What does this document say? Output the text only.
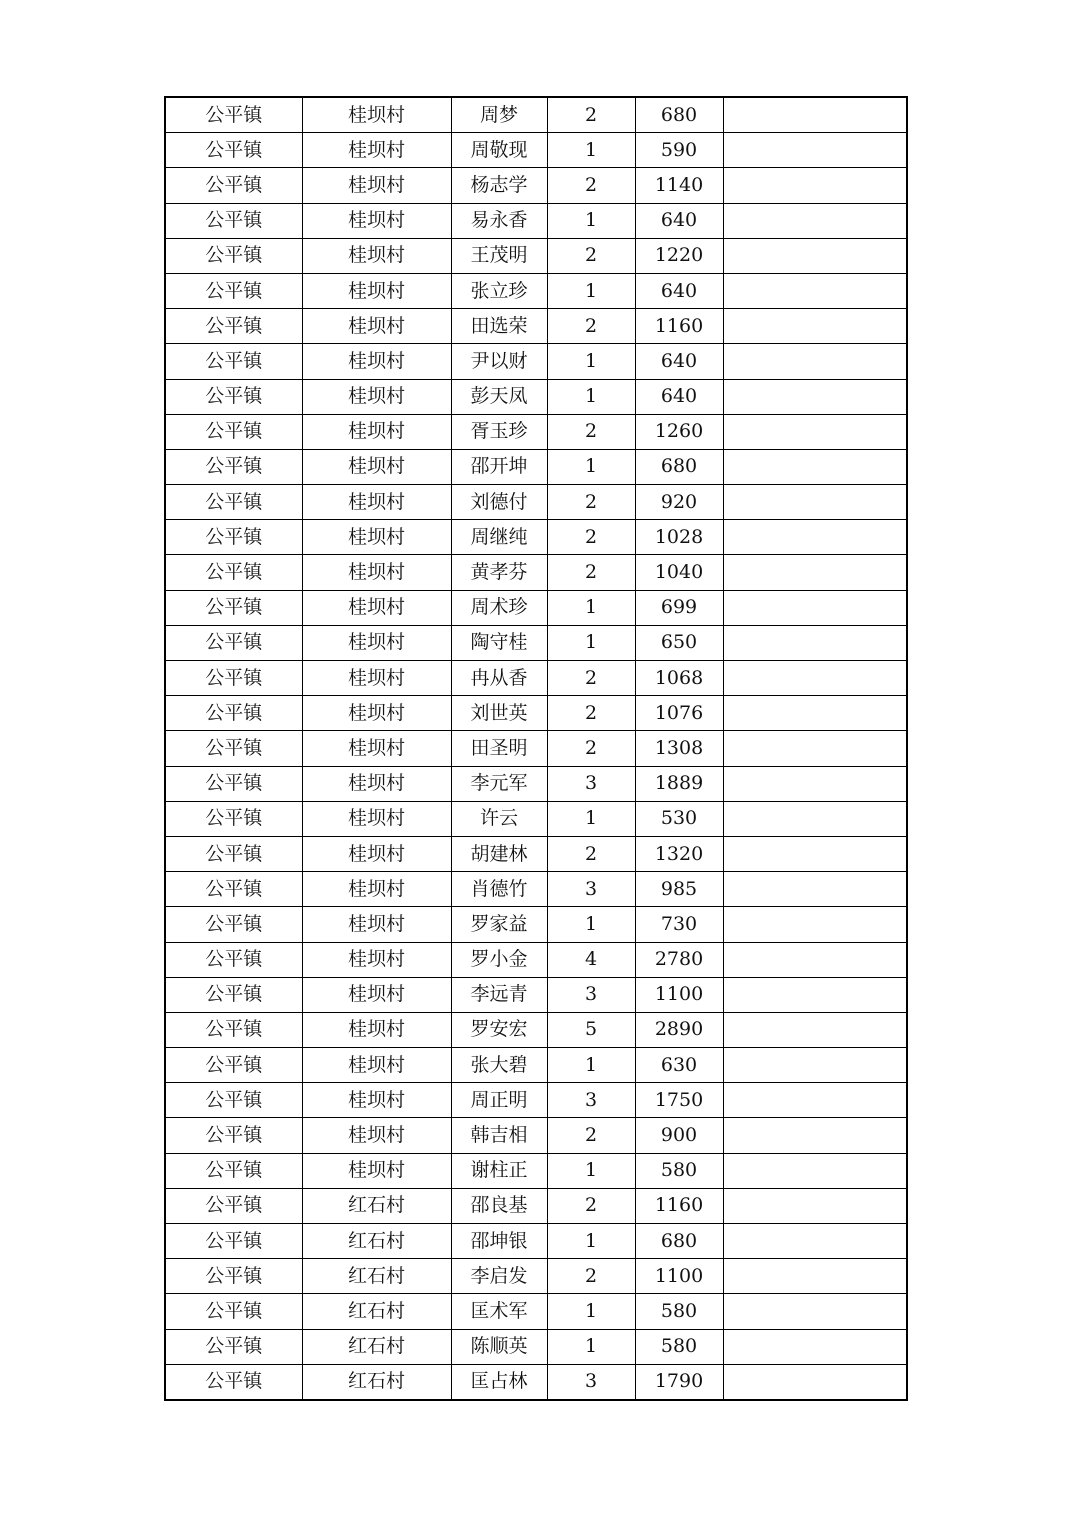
公平镇	桂坝村	周梦	2	680	
公平镇	桂坝村	周敬现	1	590	
公平镇	桂坝村	杨志学	2	1140	
公平镇	桂坝村	易永香	1	640	
公平镇	桂坝村	王茂明	2	1220	
公平镇	桂坝村	张立珍	1	640	
公平镇	桂坝村	田选荣	2	1160	
公平镇	桂坝村	尹以财	1	640	
公平镇	桂坝村	彭天凤	1	640	
公平镇	桂坝村	胥玉珍	2	1260	
公平镇	桂坝村	邵开坤	1	680	
公平镇	桂坝村	刘德付	2	920	
公平镇	桂坝村	周继纯	2	1028	
公平镇	桂坝村	黄孝芬	2	1040	
公平镇	桂坝村	周术珍	1	699	
公平镇	桂坝村	陶守桂	1	650	
公平镇	桂坝村	冉从香	2	1068	
公平镇	桂坝村	刘世英	2	1076	
公平镇	桂坝村	田圣明	2	1308	
公平镇	桂坝村	李元军	3	1889	
公平镇	桂坝村	许云	1	530	
公平镇	桂坝村	胡建林	2	1320	
公平镇	桂坝村	肖德竹	3	985	
公平镇	桂坝村	罗家益	1	730	
公平镇	桂坝村	罗小金	4	2780	
公平镇	桂坝村	李远青	3	1100	
公平镇	桂坝村	罗安宏	5	2890	
公平镇	桂坝村	张大碧	1	630	
公平镇	桂坝村	周正明	3	1750	
公平镇	桂坝村	韩吉相	2	900	
公平镇	桂坝村	谢柱正	1	580	
公平镇	红石村	邵良基	2	1160	
公平镇	红石村	邵坤银	1	680	
公平镇	红石村	李启发	2	1100	
公平镇	红石村	匡术军	1	580	
公平镇	红石村	陈顺英	1	580	
公平镇	红石村	匡占林	3	1790	
